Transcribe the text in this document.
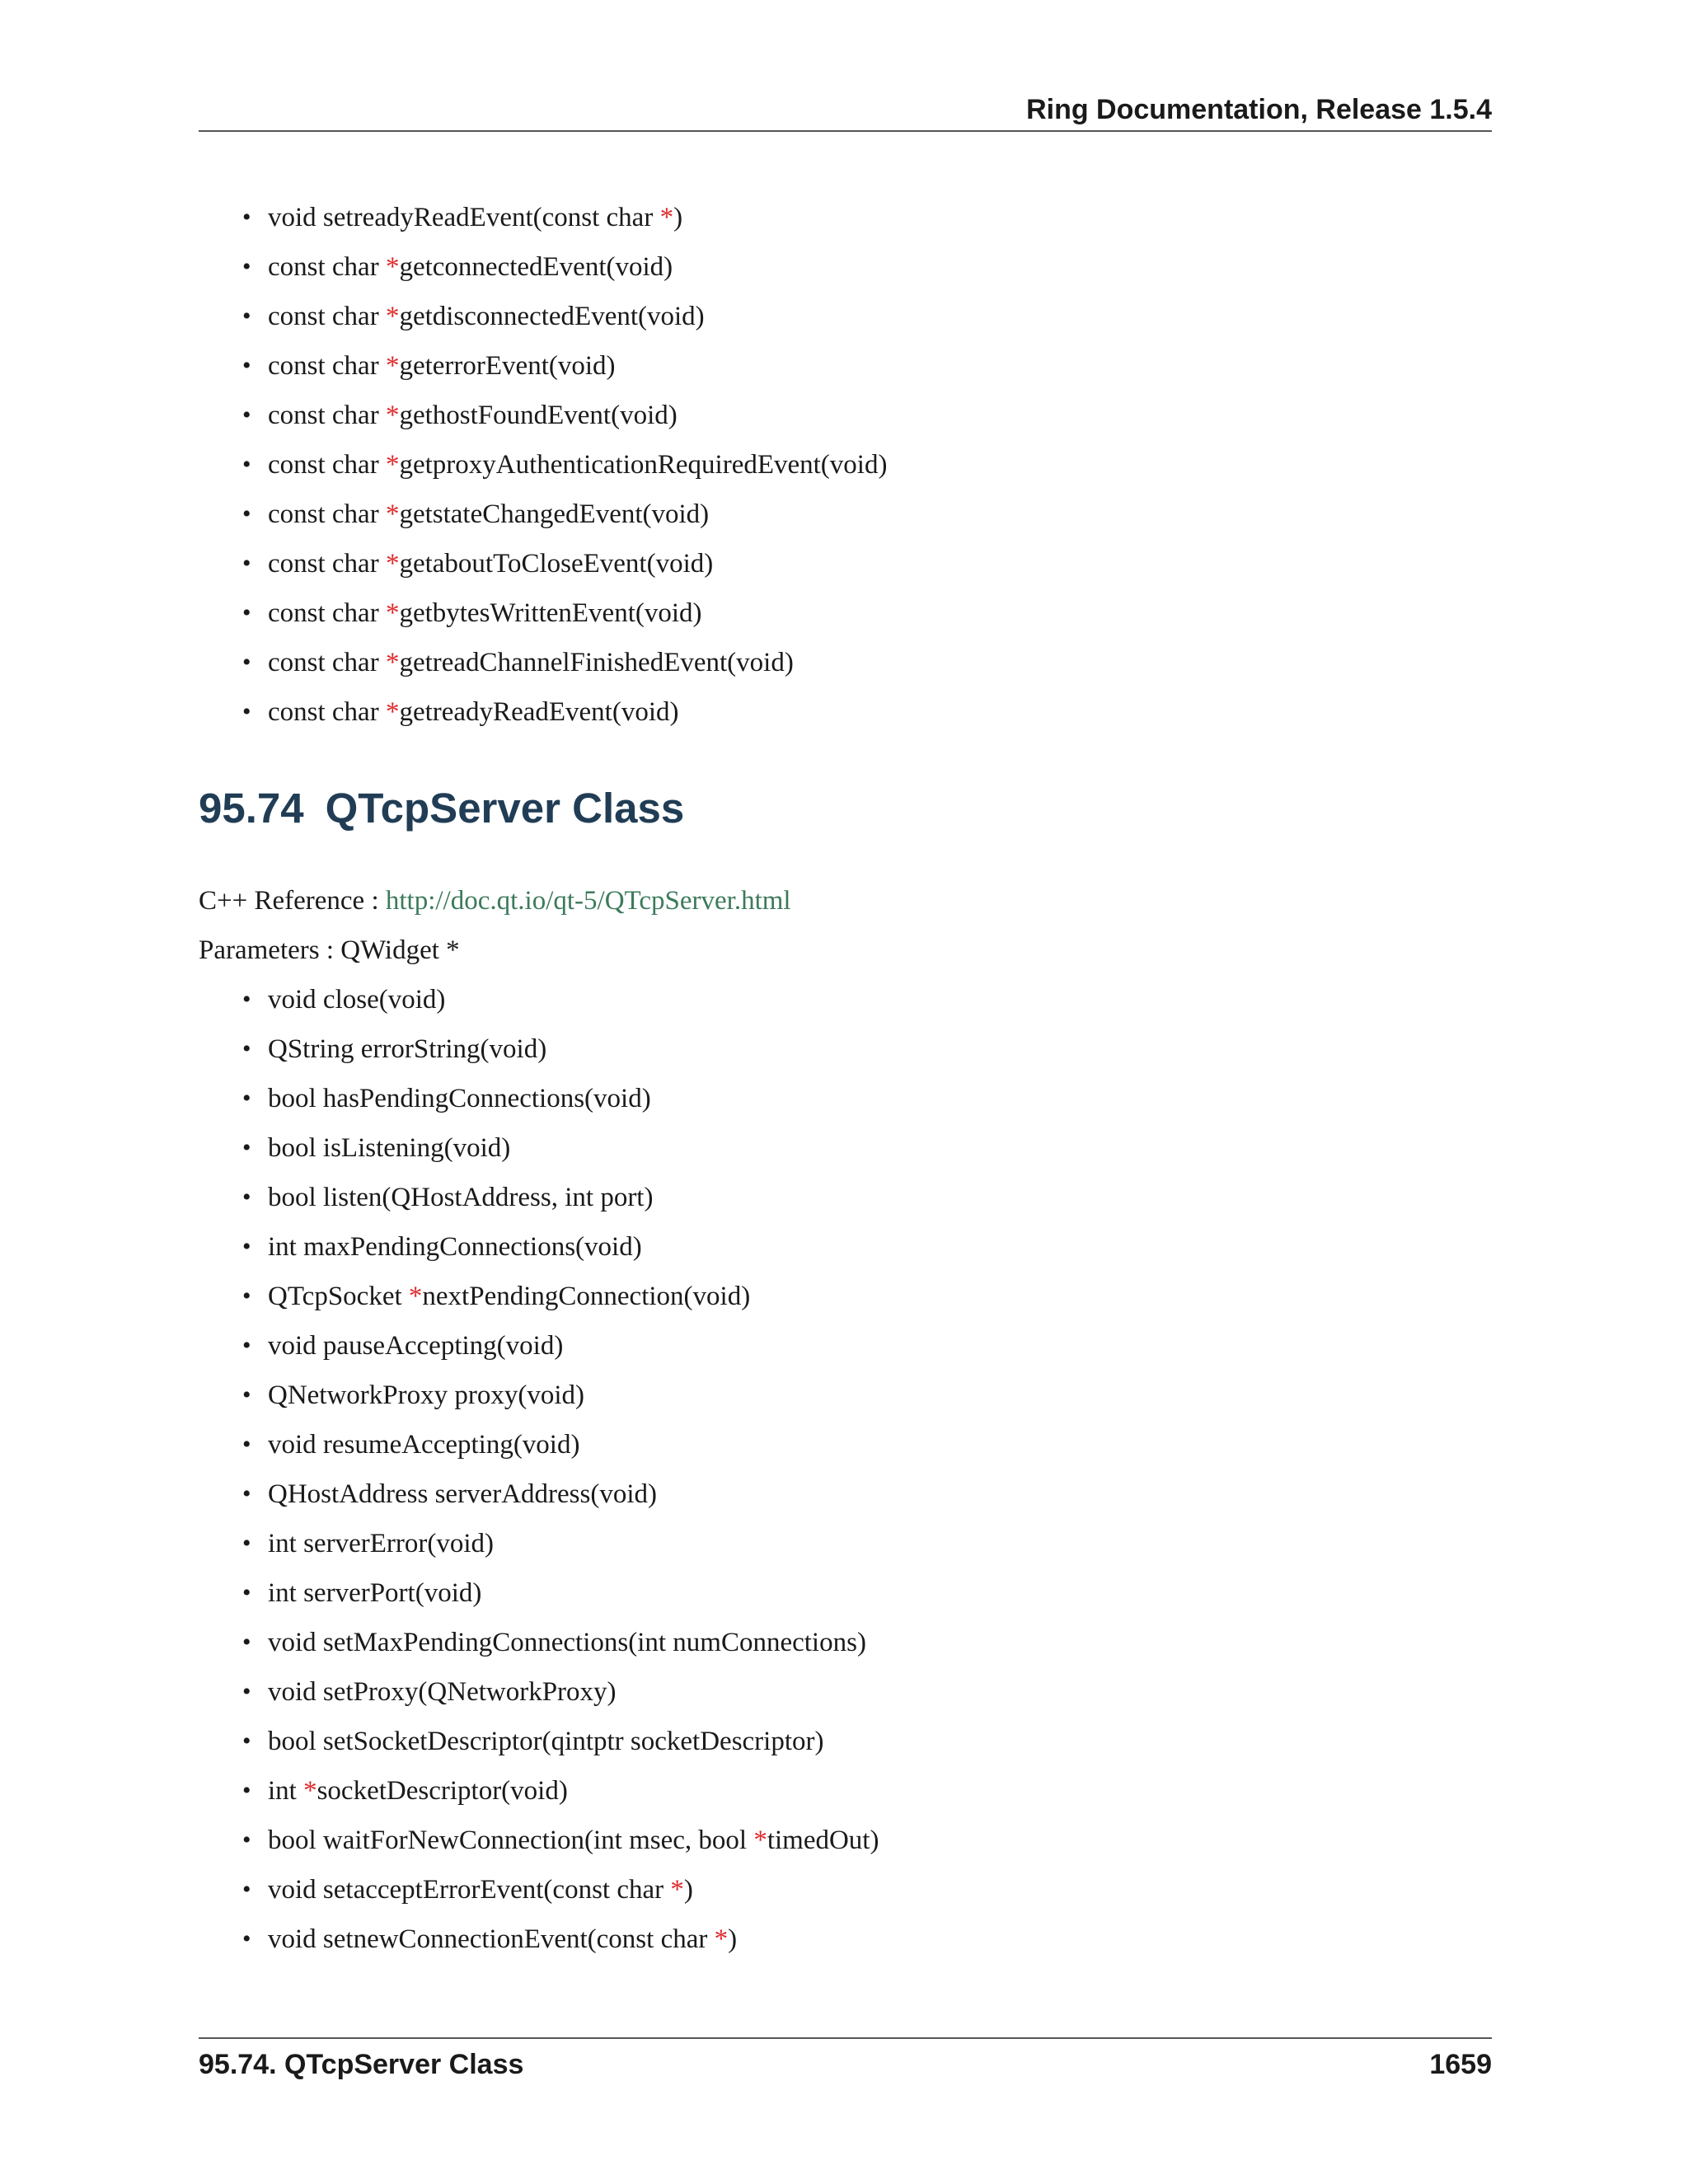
Ring Documentation, Release 1.5.4
• void setreadyReadEvent(const char *)
• const char *getconnectedEvent(void)
• const char *getdisconnectedEvent(void)
• const char *geterrorEvent(void)
• const char *gethostFoundEvent(void)
• const char *getproxyAuthenticationRequiredEvent(void)
• const char *getstateChangedEvent(void)
• const char *getaboutToCloseEvent(void)
• const char *getbytesWrittenEvent(void)
• const char *getreadChannelFinishedEvent(void)
• const char *getreadyReadEvent(void)
95.74 QTcpServer Class

C++ Reference : http://doc.qt.io/qt-5/QTcpServer.html

Parameters : QWidget *

• void close(void)
• QString errorString(void)
• bool hasPendingConnections(void)
• bool isListening(void)
• bool listen(QHostAddress, int port)
• int maxPendingConnections(void)
• QTcpSocket *nextPendingConnection(void)
• void pauseAccepting(void)
• QNetworkProxy proxy(void)
• void resumeAccepting(void)
• QHostAddress serverAddress(void)
• int serverError(void)
• int serverPort(void)
• void setMaxPendingConnections(int numConnections)
• void setProxy(QNetworkProxy)
• bool setSocketDescriptor(qintptr socketDescriptor)
• int *socketDescriptor(void)
• bool waitForNewConnection(int msec, bool *timedOut)
• void setacceptErrorEvent(const char *)
• void setnewConnectionEvent(const char *)
95.74. QTcpServer Class	1659
